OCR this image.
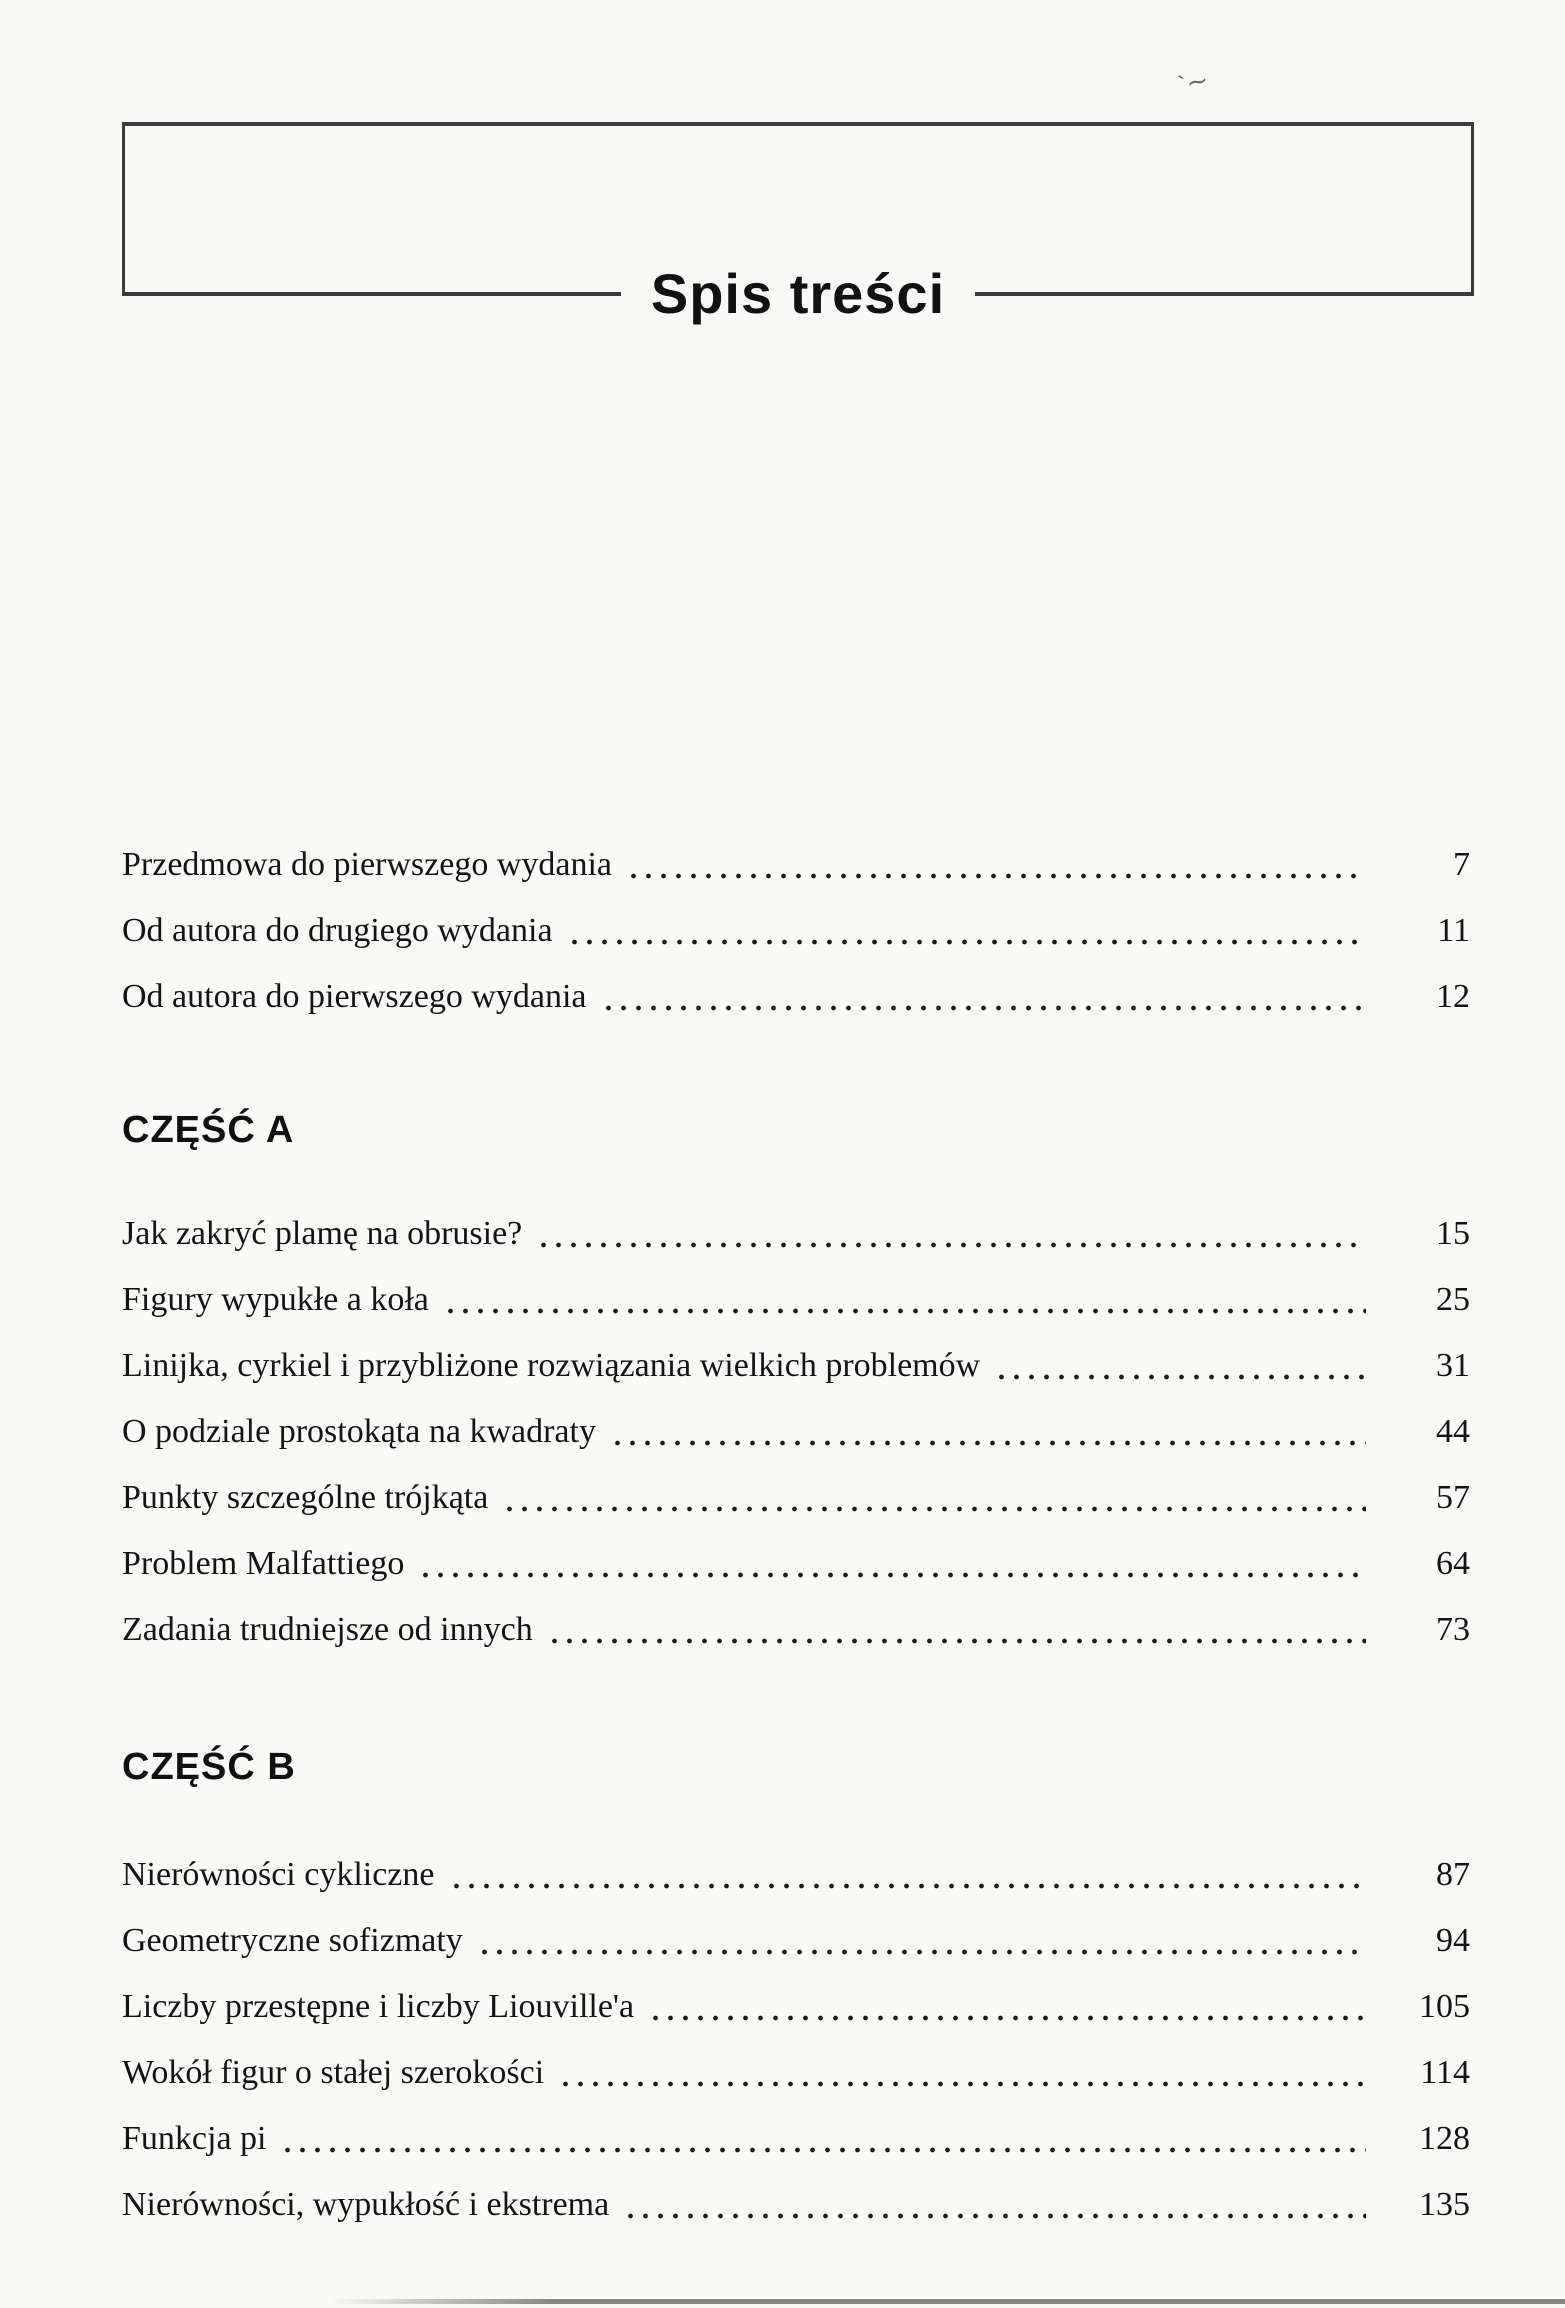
`∼
Spis treści
Przedmowa do pierwszego wydania	7
Od autora do drugiego wydania	11
Od autora do pierwszego wydania	12
CZĘŚĆ A
Jak zakryć plamę na obrusie?	15
Figury wypukłe a koła	25
Linijka, cyrkiel i przybliżone rozwiązania wielkich problemów	31
O podziale prostokąta na kwadraty	44
Punkty szczególne trójkąta	57
Problem Malfattiego	64
Zadania trudniejsze od innych	73
CZĘŚĆ B
Nierówności cykliczne	87
Geometryczne sofizmaty	94
Liczby przestępne i liczby Liouville'a	105
Wokół figur o stałej szerokości	114
Funkcja pi	128
Nierówności, wypukłość i ekstrema	135
